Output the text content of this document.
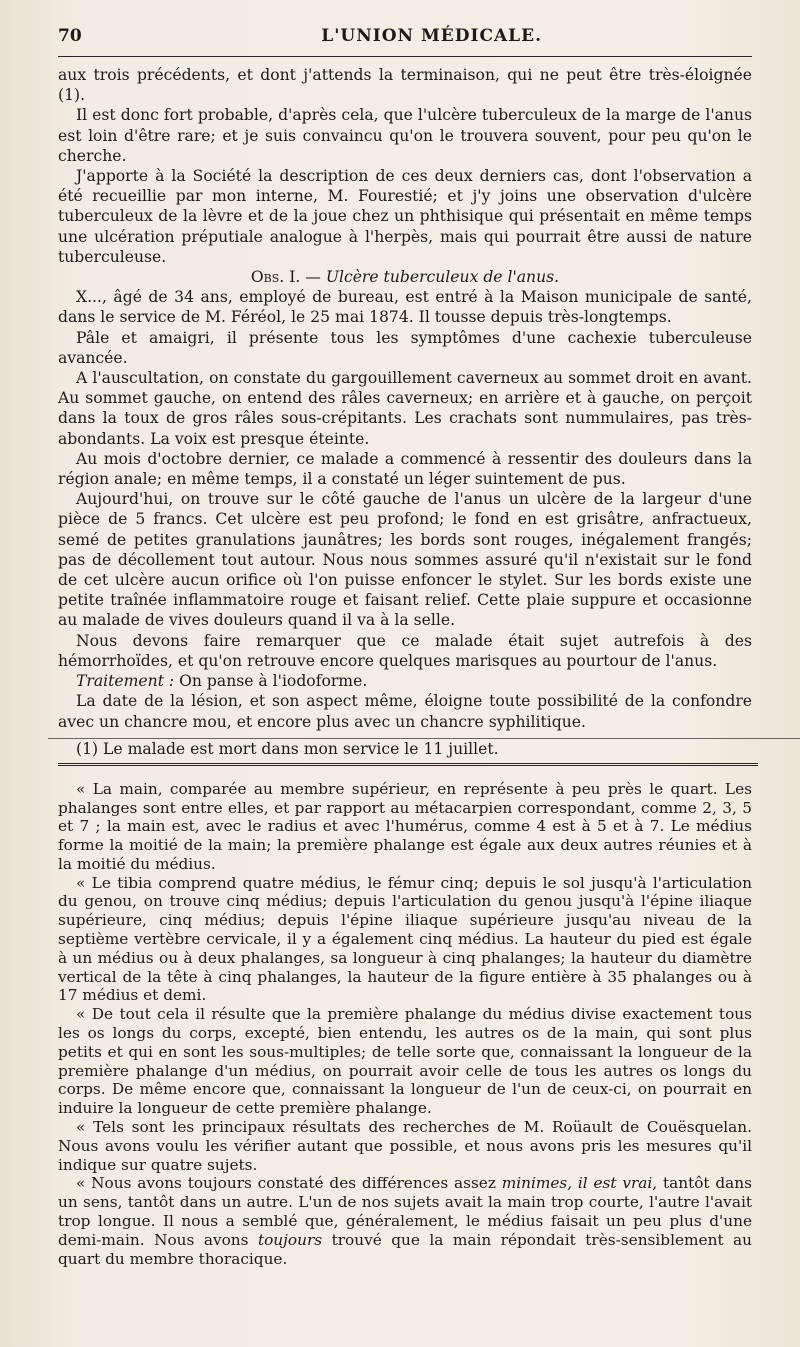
70	L'UNION MÉDICALE.

aux trois précédents, et dont j'attends la terminaison, qui ne peut être très-éloignée (1).

Il est donc fort probable, d'après cela, que l'ulcère tuberculeux de la marge de l'anus est loin d'être rare; et je suis convaincu qu'on le trouvera souvent, pour peu qu'on le cherche.

J'apporte à la Société la description de ces deux derniers cas, dont l'observation a été recueillie par mon interne, M. Fourestié; et j'y joins une observation d'ulcère tuberculeux de la lèvre et de la joue chez un phthisique qui présentait en même temps une ulcération préputiale analogue à l'herpès, mais qui pourrait être aussi de nature tuberculeuse.

Obs. I. — Ulcère tuberculeux de l'anus.

X..., âgé de 34 ans, employé de bureau, est entré à la Maison municipale de santé, dans le service de M. Féréol, le 25 mai 1874. Il tousse depuis très-longtemps.

Pâle et amaigri, il présente tous les symptômes d'une cachexie tuberculeuse avancée.

A l'auscultation, on constate du gargouillement caverneux au sommet droit en avant. Au sommet gauche, on entend des râles caverneux; en arrière et à gauche, on perçoit dans la toux de gros râles sous-crépitants. Les crachats sont nummulaires, pas très-abondants. La voix est presque éteinte.

Au mois d'octobre dernier, ce malade a commencé à ressentir des douleurs dans la région anale; en même temps, il a constaté un léger suintement de pus.

Aujourd'hui, on trouve sur le côté gauche de l'anus un ulcère de la largeur d'une pièce de 5 francs. Cet ulcère est peu profond; le fond en est grisâtre, anfractueux, semé de petites granulations jaunâtres; les bords sont rouges, inégalement frangés; pas de décollement tout autour. Nous nous sommes assuré qu'il n'existait sur le fond de cet ulcère aucun orifice où l'on puisse enfoncer le stylet. Sur les bords existe une petite traînée inflammatoire rouge et faisant relief. Cette plaie suppure et occasionne au malade de vives douleurs quand il va à la selle.

Nous devons faire remarquer que ce malade était sujet autrefois à des hémorrhoïdes, et qu'on retrouve encore quelques marisques au pourtour de l'anus.

Traitement : On panse à l'iodoforme.

La date de la lésion, et son aspect même, éloigne toute possibilité de la confondre avec un chancre mou, et encore plus avec un chancre syphilitique.

(1) Le malade est mort dans mon service le 11 juillet.

« La main, comparée au membre supérieur, en représente à peu près le quart. Les phalanges sont entre elles, et par rapport au métacarpien correspondant, comme 2, 3, 5 et 7 ; la main est, avec le radius et avec l'humérus, comme 4 est à 5 et à 7. Le médius forme la moitié de la main; la première phalange est égale aux deux autres réunies et à la moitié du médius.

« Le tibia comprend quatre médius, le fémur cinq; depuis le sol jusqu'à l'articulation du genou, on trouve cinq médius; depuis l'articulation du genou jusqu'à l'épine iliaque supérieure, cinq médius; depuis l'épine iliaque supérieure jusqu'au niveau de la septième vertèbre cervicale, il y a également cinq médius. La hauteur du pied est égale à un médius ou à deux phalanges, sa longueur à cinq phalanges; la hauteur du diamètre vertical de la tête à cinq phalanges, la hauteur de la figure entière à 35 phalanges ou à 17 médius et demi.

« De tout cela il résulte que la première phalange du médius divise exactement tous les os longs du corps, excepté, bien entendu, les autres os de la main, qui sont plus petits et qui en sont les sous-multiples; de telle sorte que, connaissant la longueur de la première phalange d'un médius, on pourrait avoir celle de tous les autres os longs du corps. De même encore que, connaissant la longueur de l'un de ceux-ci, on pourrait en induire la longueur de cette première phalange.

« Tels sont les principaux résultats des recherches de M. Roüault de Couësquelan. Nous avons voulu les vérifier autant que possible, et nous avons pris les mesures qu'il indique sur quatre sujets.

« Nous avons toujours constaté des différences assez minimes, il est vrai, tantôt dans un sens, tantôt dans un autre. L'un de nos sujets avait la main trop courte, l'autre l'avait trop longue. Il nous a semblé que, généralement, le médius faisait un peu plus d'une demi-main. Nous avons toujours trouvé que la main répondait très-sensiblement au quart du membre thoracique.
